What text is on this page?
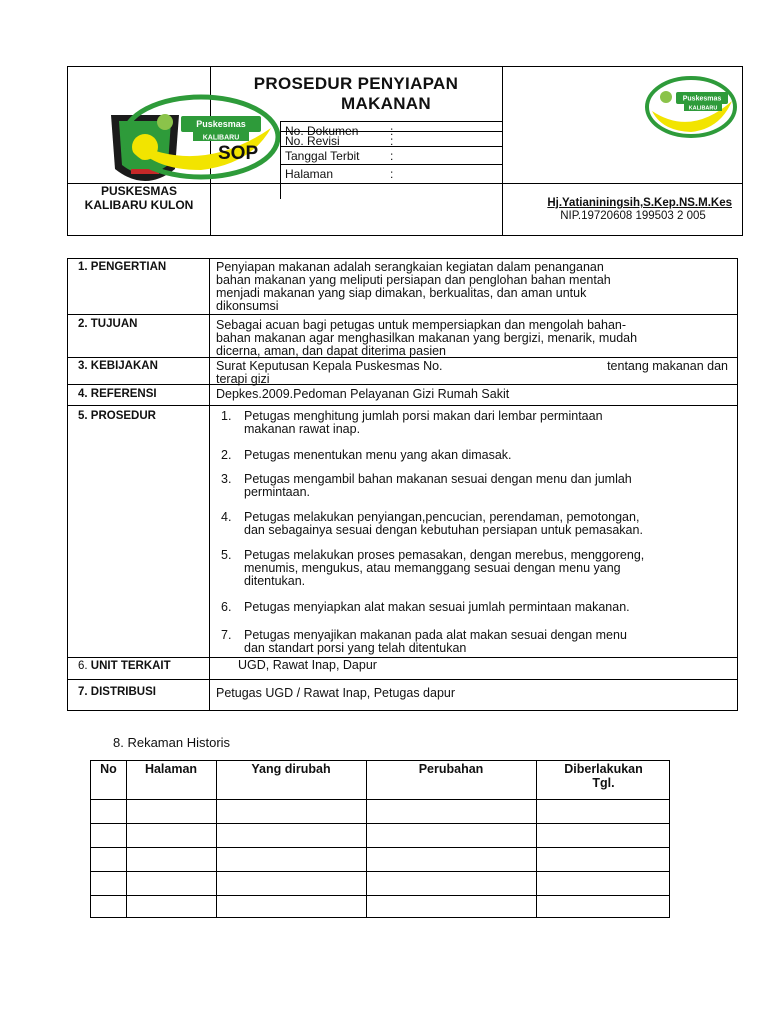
Puskesmas
KALIBARU
PROSEDUR PENYIAPAN
MAKANAN
No. Dokumen	:
No. Revisi	:
Tanggal Terbit	:
Halaman	:
SOP
PUSKESMAS
KALIBARU KULON
Puskesmas
KALIBARU
Hj.Yatianiningsih,S.Kep.NS.M.Kes
NIP.19720608 199503 2 005
1. PENGERTIAN	Penyiapan makanan adalah serangkaian kegiatan dalam penanganan
bahan makanan yang meliputi persiapan dan penglohan bahan mentah
menjadi makanan yang siap dimakan, berkualitas, dan aman untuk
dikonsumsi
2. TUJUAN	Sebagai acuan bagi petugas untuk mempersiapkan dan mengolah bahan-
bahan makanan agar menghasilkan makanan yang bergizi, menarik, mudah
dicerna, aman, dan dapat diterima pasien
3. KEBIJAKAN	Surat Keputusan Kepala Puskesmas No.	tentang makanan dan
terapi gizi
4. REFERENSI	Depkes.2009.Pedoman Pelayanan Gizi Rumah Sakit
5. PROSEDUR	1. Petugas menghitung jumlah porsi makan dari lembar permintaan
makanan rawat inap.
2. Petugas menentukan menu yang akan dimasak.
3. Petugas mengambil bahan makanan sesuai dengan menu dan jumlah
permintaan.
4. Petugas melakukan penyiangan,pencucian, perendaman, pemotongan,
dan sebagainya sesuai dengan kebutuhan persiapan untuk pemasakan.
5. Petugas melakukan proses pemasakan, dengan merebus, menggoreng,
menumis, mengukus, atau memanggang sesuai dengan menu yang
ditentukan.
6. Petugas menyiapkan alat makan sesuai jumlah permintaan makanan.
7. Petugas menyajikan makanan pada alat makan sesuai dengan menu
dan standart porsi yang telah ditentukan
6. UNIT TERKAIT	UGD, Rawat Inap, Dapur
7. DISTRIBUSI	Petugas UGD / Rawat Inap, Petugas dapur
8. Rekaman Historis
No	Halaman	Yang dirubah	Perubahan	Diberlakukan
Tgl.
